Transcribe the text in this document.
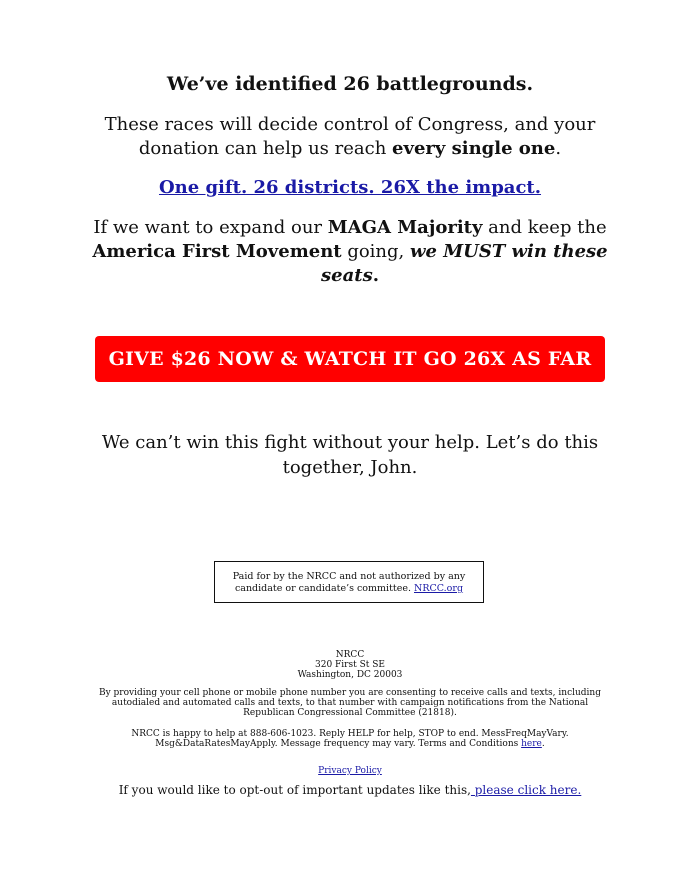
We’ve identified 26 battlegrounds.
These races will decide control of Congress, and your donation can help us reach every single one.
One gift. 26 districts. 26X the impact.
If we want to expand our MAGA Majority and keep the America First Movement going, we MUST win these seats.
GIVE $26 NOW & WATCH IT GO 26X AS FAR
We can’t win this fight without your help. Let’s do this together, John.
Paid for by the NRCC and not authorized by any candidate or candidate’s committee. NRCC.org
NRCC
320 First St SE
Washington, DC 20003
By providing your cell phone or mobile phone number you are consenting to receive calls and texts, including autodialed and automated calls and texts, to that number with campaign notifications from the National Republican Congressional Committee (21818).
NRCC is happy to help at 888-606-1023. Reply HELP for help, STOP to end. MessFreqMayVary. Msg&DataRatesMayApply. Message frequency may vary. Terms and Conditions here.
Privacy Policy
If you would like to opt-out of important updates like this, please click here.
